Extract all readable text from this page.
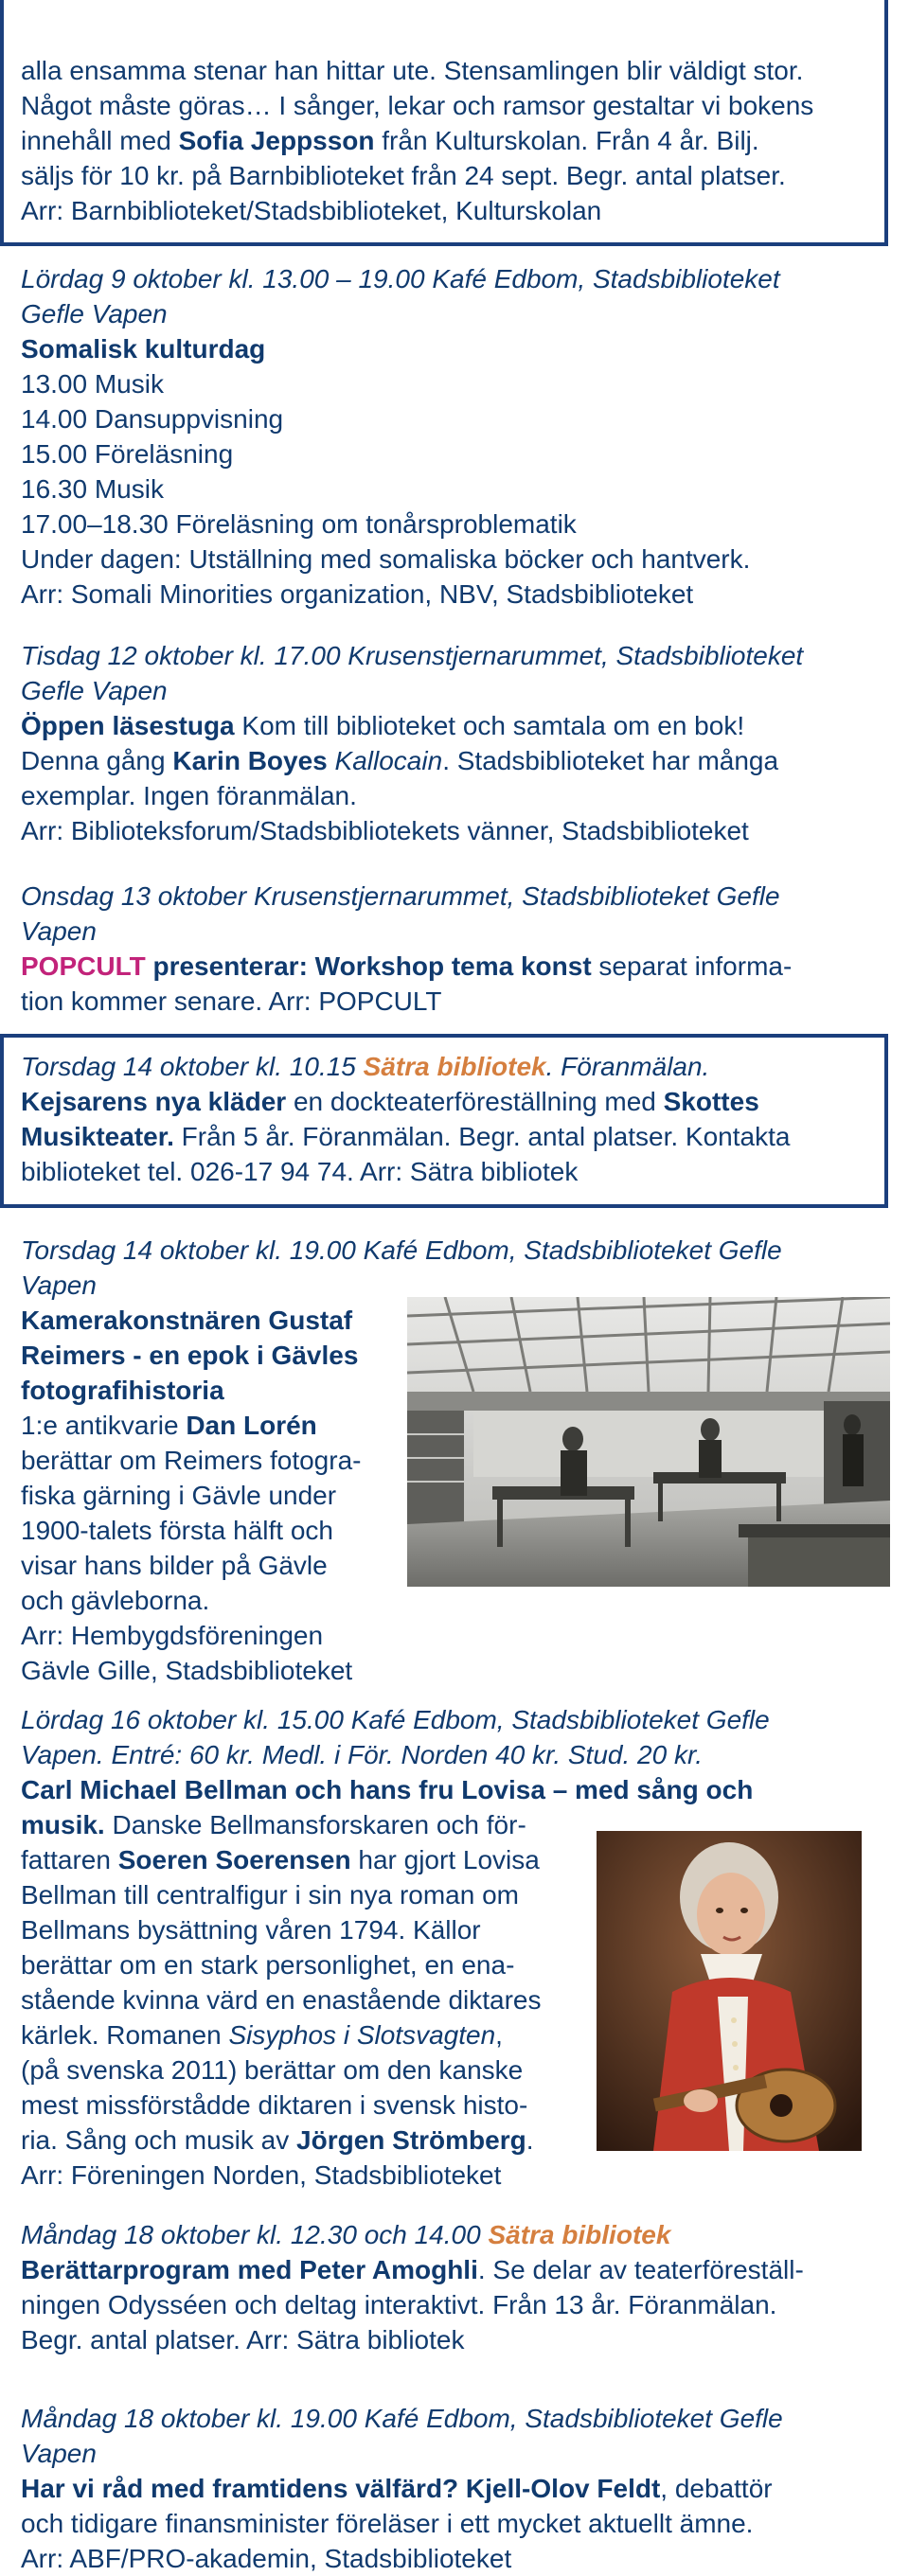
alla ensamma stenar han hittar ute. Stensamlingen blir väldigt stor.

Något måste göras… I sånger, lekar och ramsor gestaltar vi bokens

innehåll med Sofia Jeppsson från Kulturskolan. Från 4 år. Bilj.

säljs för 10 kr. på Barnbiblioteket från 24 sept. Begr. antal platser.

Arr: Barnbiblioteket/Stadsbiblioteket, Kulturskolan

Lördag 9 oktober kl. 13.00 – 19.00 Kafé Edbom, Stadsbiblioteket

Gefle Vapen

Somalisk kulturdag

13.00 Musik

14.00 Dansuppvisning

15.00 Föreläsning

16.30 Musik

17.00–18.30 Föreläsning om tonårsproblematik

Under dagen: Utställning med somaliska böcker och hantverk.

Arr: Somali Minorities organization, NBV, Stadsbiblioteket

Tisdag 12 oktober kl. 17.00 Krusenstjernarummet, Stadsbiblioteket

Gefle Vapen

Öppen läsestuga Kom till biblioteket och samtala om en bok!

Denna gång Karin Boyes Kallocain. Stadsbiblioteket har många

exemplar. Ingen föranmälan.

Arr: Biblioteksforum/Stadsbibliotekets vänner, Stadsbiblioteket

Onsdag 13 oktober Krusenstjernarummet, Stadsbiblioteket Gefle

Vapen

POPCULT presenterar: Workshop tema konst separat informa-

tion kommer senare. Arr: POPCULT

Torsdag 14 oktober kl. 10.15 Sätra bibliotek. Föranmälan.

Kejsarens nya kläder en dockteaterföreställning med Skottes

Musikteater. Från 5 år. Föranmälan. Begr. antal platser. Kontakta

biblioteket tel. 026-17 94 74. Arr: Sätra bibliotek

Torsdag 14 oktober kl. 19.00 Kafé Edbom, Stadsbiblioteket Gefle

Vapen

Kamerakonstnären Gustaf

Reimers - en epok i Gävles

fotografihistoria

1:e antikvarie Dan Lorén

berättar om Reimers fotogra-

fiska gärning i Gävle under

1900-talets första hälft och

visar hans bilder på Gävle

och gävleborna.

Arr: Hembygdsföreningen

Gävle Gille, Stadsbiblioteket

Lördag 16 oktober kl. 15.00 Kafé Edbom, Stadsbiblioteket Gefle

Vapen. Entré: 60 kr. Medl. i För. Norden 40 kr. Stud. 20 kr.

Carl Michael Bellman och hans fru Lovisa – med sång och

musik. Danske Bellmansforskaren och för-

fattaren Soeren Soerensen har gjort Lovisa

Bellman till centralfigur i sin nya roman om

Bellmans bysättning våren 1794. Källor

berättar om en stark personlighet, en ena-

stående kvinna värd en enastående diktares

kärlek. Romanen Sisyphos i Slotsvagten,

(på svenska 2011) berättar om den kanske

mest missförstådde diktaren i svensk histo-

ria. Sång och musik av Jörgen Strömberg.

Arr: Föreningen Norden, Stadsbiblioteket

Måndag 18 oktober kl. 12.30 och 14.00 Sätra bibliotek

Berättarprogram med Peter Amoghli. Se delar av teaterföreställ-

ningen Odysséen och deltag interaktivt. Från 13 år. Föranmälan.

Begr. antal platser. Arr: Sätra bibliotek

Måndag 18 oktober kl. 19.00 Kafé Edbom, Stadsbiblioteket Gefle

Vapen

Har vi råd med framtidens välfärd? Kjell-Olov Feldt, debattör

och tidigare finansminister föreläser i ett mycket aktuellt ämne.

Arr: ABF/PRO-akademin, Stadsbiblioteket
